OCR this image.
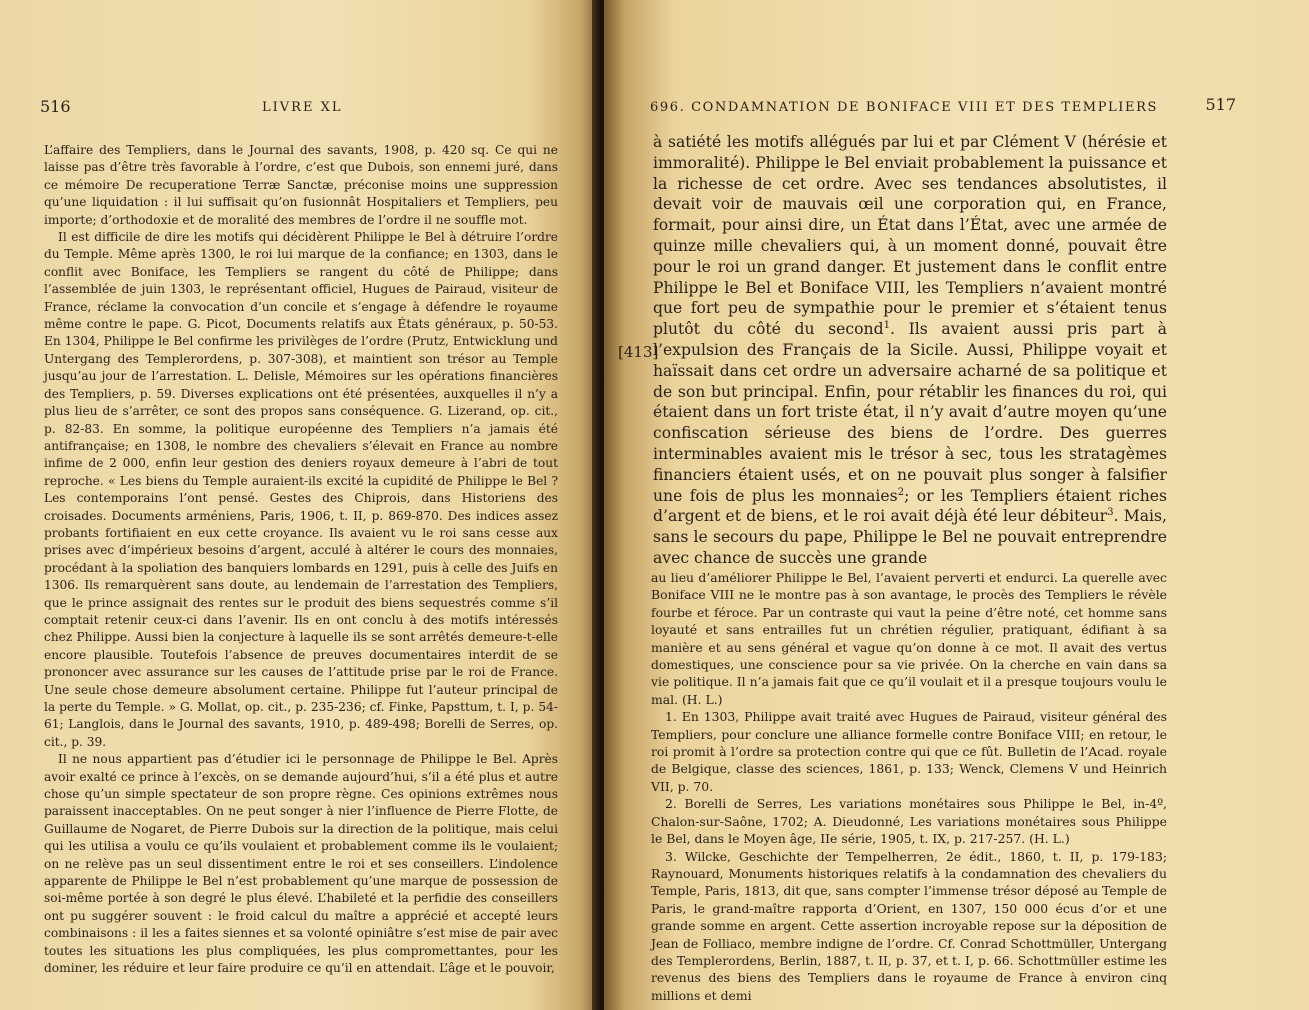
516	LIVRE XL

L’affaire des Templiers, dans le Journal des savants, 1908, p. 420 sq. Ce qui ne laisse pas d’être très favorable à l’ordre, c’est que Dubois, son ennemi juré, dans ce mémoire De recuperatione Terræ Sanctæ, préconise moins une suppression qu’une liquidation : il lui suffisait qu’on fusionnât Hospitaliers et Templiers, peu importe; d’orthodoxie et de moralité des membres de l’ordre il ne souffle mot.

Il est difficile de dire les motifs qui décidèrent Philippe le Bel à détruire l’ordre du Temple. Même après 1300, le roi lui marque de la confiance; en 1303, dans le conflit avec Boniface, les Templiers se rangent du côté de Philippe; dans l’assemblée de juin 1303, le représentant officiel, Hugues de Pairaud, visiteur de France, réclame la convocation d’un concile et s’engage à défendre le royaume même contre le pape. G. Picot, Documents relatifs aux États généraux, p. 50-53. En 1304, Philippe le Bel confirme les privilèges de l’ordre (Prutz, Entwicklung und Untergang des Templerordens, p. 307-308), et maintient son trésor au Temple jusqu’au jour de l’arrestation. L. Delisle, Mémoires sur les opérations financières des Templiers, p. 59. Diverses explications ont été présentées, auxquelles il n’y a plus lieu de s’arrêter, ce sont des propos sans conséquence. G. Lizerand, op. cit., p. 82-83. En somme, la politique européenne des Templiers n’a jamais été antifrançaise; en 1308, le nombre des chevaliers s’élevait en France au nombre infime de 2 000, enfin leur gestion des deniers royaux demeure à l’abri de tout reproche. « Les biens du Temple auraient-ils excité la cupidité de Philippe le Bel ? Les contemporains l’ont pensé. Gestes des Chiprois, dans Historiens des croisades. Documents arméniens, Paris, 1906, t. II, p. 869-870. Des indices assez probants fortifiaient en eux cette croyance. Ils avaient vu le roi sans cesse aux prises avec d’impérieux besoins d’argent, acculé à altérer le cours des monnaies, procédant à la spoliation des banquiers lombards en 1291, puis à celle des Juifs en 1306. Ils remarquèrent sans doute, au lendemain de l’arrestation des Templiers, que le prince assignait des rentes sur le produit des biens sequestrés comme s’il comptait retenir ceux-ci dans l’avenir. Ils en ont conclu à des motifs intéressés chez Philippe. Aussi bien la conjecture à laquelle ils se sont arrêtés demeure-t-elle encore plausible. Toutefois l’absence de preuves documentaires interdit de se prononcer avec assurance sur les causes de l’attitude prise par le roi de France. Une seule chose demeure absolument certaine. Philippe fut l’auteur principal de la perte du Temple. » G. Mollat, op. cit., p. 235-236; cf. Finke, Papsttum, t. I, p. 54-61; Langlois, dans le Journal des savants, 1910, p. 489-498; Borelli de Serres, op. cit., p. 39.

Il ne nous appartient pas d’étudier ici le personnage de Philippe le Bel. Après avoir exalté ce prince à l’excès, on se demande aujourd’hui, s’il a été plus et autre chose qu’un simple spectateur de son propre règne. Ces opinions extrêmes nous paraissent inacceptables. On ne peut songer à nier l’influence de Pierre Flotte, de Guillaume de Nogaret, de Pierre Dubois sur la direction de la politique, mais celui qui les utilisa a voulu ce qu’ils voulaient et probablement comme ils le voulaient; on ne relève pas un seul dissentiment entre le roi et ses conseillers. L’indolence apparente de Philippe le Bel n’est probablement qu’une marque de possession de soi-même portée à son degré le plus élevé. L’habileté et la perfidie des conseillers ont pu suggérer souvent : le froid calcul du maître a apprécié et accepté leurs combinaisons : il les a faites siennes et sa volonté opiniâtre s’est mise de pair avec toutes les situations les plus compliquées, les plus compromettantes, pour les dominer, les réduire et leur faire produire ce qu’il en attendait. L’âge et le pouvoir,

696. CONDAMNATION DE BONIFACE VIII ET DES TEMPLIERS	517
[413]

à satiété les motifs allégués par lui et par Clément V (hérésie et immoralité). Philippe le Bel enviait probablement la puissance et la richesse de cet ordre. Avec ses tendances absolutistes, il devait voir de mauvais œil une corporation qui, en France, formait, pour ainsi dire, un État dans l’État, avec une armée de quinze mille chevaliers qui, à un moment donné, pouvait être pour le roi un grand danger. Et justement dans le conflit entre Philippe le Bel et Boniface VIII, les Templiers n’avaient montré que fort peu de sympathie pour le premier et s’étaient tenus plutôt du côté du second$^1$. Ils avaient aussi pris part à l’expulsion des Français de la Sicile. Aussi, Philippe voyait et haïssait dans cet ordre un adversaire acharné de sa politique et de son but principal. Enfin, pour rétablir les finances du roi, qui étaient dans un fort triste état, il n’y avait d’autre moyen qu’une confiscation sérieuse des biens de l’ordre. Des guerres interminables avaient mis le trésor à sec, tous les stratagèmes financiers étaient usés, et on ne pouvait plus songer à falsifier une fois de plus les monnaies$^2$; or les Templiers étaient riches d’argent et de biens, et le roi avait déjà été leur débiteur$^3$. Mais, sans le secours du pape, Philippe le Bel ne pouvait entreprendre avec chance de succès une grande

au lieu d’améliorer Philippe le Bel, l’avaient perverti et endurci. La querelle avec Boniface VIII ne le montre pas à son avantage, le procès des Templiers le révèle fourbe et féroce. Par un contraste qui vaut la peine d’être noté, cet homme sans loyauté et sans entrailles fut un chrétien régulier, pratiquant, édifiant à sa manière et au sens général et vague qu’on donne à ce mot. Il avait des vertus domestiques, une conscience pour sa vie privée. On la cherche en vain dans sa vie politique. Il n’a jamais fait que ce qu’il voulait et il a presque toujours voulu le mal. (H. L.)

1. En 1303, Philippe avait traité avec Hugues de Pairaud, visiteur général des Templiers, pour conclure une alliance formelle contre Boniface VIII; en retour, le roi promit à l’ordre sa protection contre qui que ce fût. Bulletin de l’Acad. royale de Belgique, classe des sciences, 1861, p. 133; Wenck, Clemens V und Heinrich VII, p. 70.

2. Borelli de Serres, Les variations monétaires sous Philippe le Bel, in-4º, Chalon-sur-Saône, 1702; A. Dieudonné, Les variations monétaires sous Philippe le Bel, dans le Moyen âge, IIe série, 1905, t. IX, p. 217-257. (H. L.)

3. Wilcke, Geschichte der Tempelherren, 2e édit., 1860, t. II, p. 179-183; Raynouard, Monuments historiques relatifs à la condamnation des chevaliers du Temple, Paris, 1813, dit que, sans compter l’immense trésor déposé au Temple de Paris, le grand-maître rapporta d’Orient, en 1307, 150 000 écus d’or et une grande somme en argent. Cette assertion incroyable repose sur la déposition de Jean de Folliaco, membre indigne de l’ordre. Cf. Conrad Schottmüller, Untergang des Templerordens, Berlin, 1887, t. II, p. 37, et t. I, p. 66. Schottmüller estime les revenus des biens des Templiers dans le royaume de France à environ cinq millions et demi
